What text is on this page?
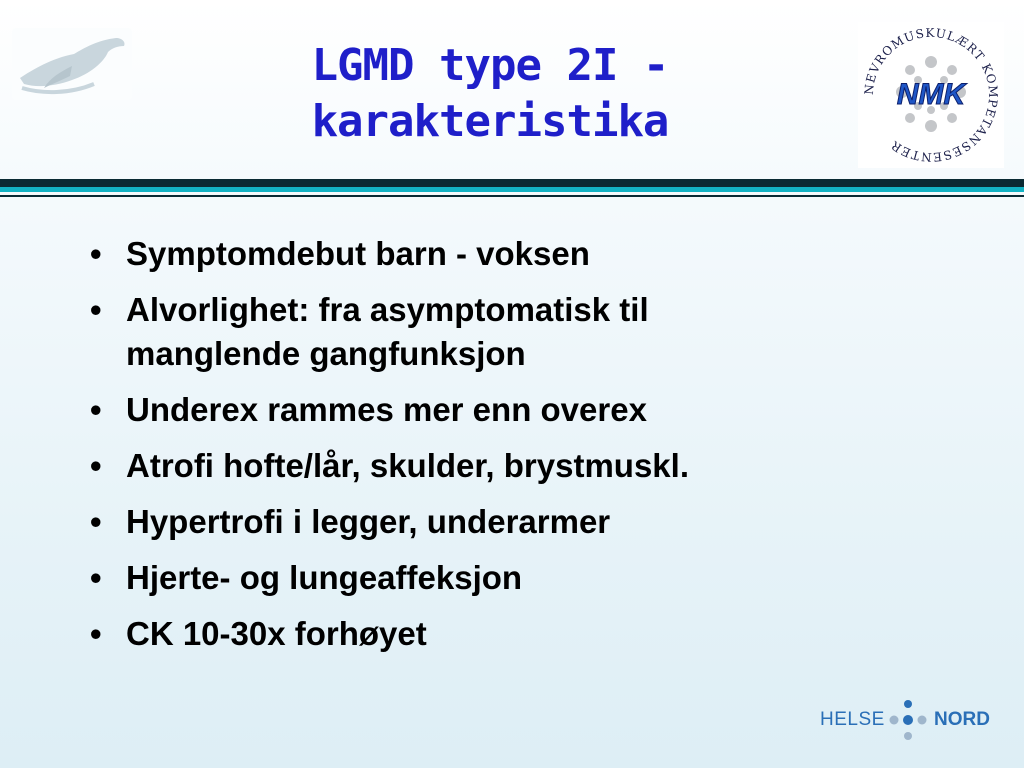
NEVROMUSKULÆRT KOMPETANSESENTER
NMK
LGMD type 2I -
karakteristika
• Symptomdebut barn - voksen
• Alvorlighet: fra asymptomatisk til
manglende gangfunksjon
• Underex rammes mer enn overex
• Atrofi hofte/lår, skulder, brystmuskl.
• Hypertrofi i legger, underarmer
• Hjerte- og lungeaffeksjon
• CK 10-30x forhøyet
HELSE	NORD
